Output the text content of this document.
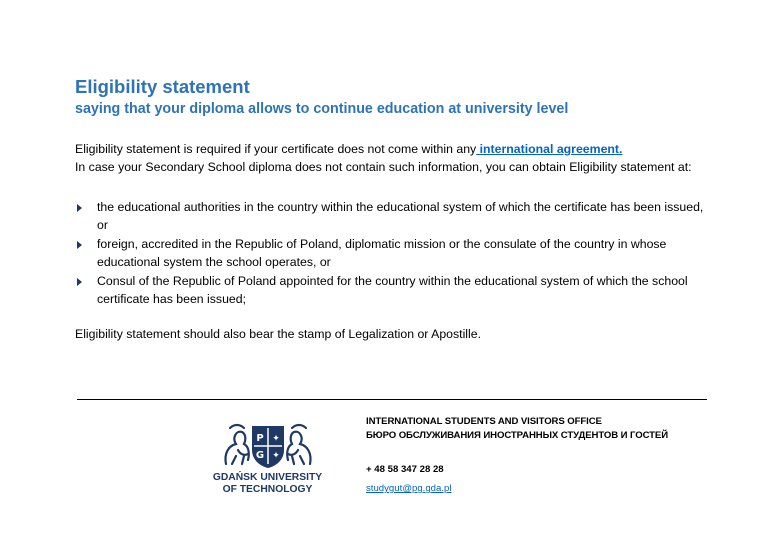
Eligibility statement
saying that your diploma allows to continue education at university level
Eligibility statement is required if your certificate does not come within any international agreement.
In case your Secondary School diploma does not contain such information, you can obtain Eligibility statement at:
the educational authorities in the country within the educational system of which the certificate has been issued, or
foreign, accredited in the Republic of Poland, diplomatic mission or the consulate of the country in whose educational system the school operates, or
Consul of the Republic of Poland appointed for the country within the educational system of which the school certificate has been issued;
Eligibility statement should also bear the stamp of Legalization or Apostille.
P
G
✦
✦
GDAŃSK UNIVERSITY
OF TECHNOLOGY
INTERNATIONAL STUDENTS AND VISITORS OFFICE
БЮРО ОБСЛУЖИВАНИЯ ИНОСТРАННЫХ СТУДЕНТОВ И ГОСТЕЙ
+ 48 58 347 28 28
studygut@pg.gda.pl
